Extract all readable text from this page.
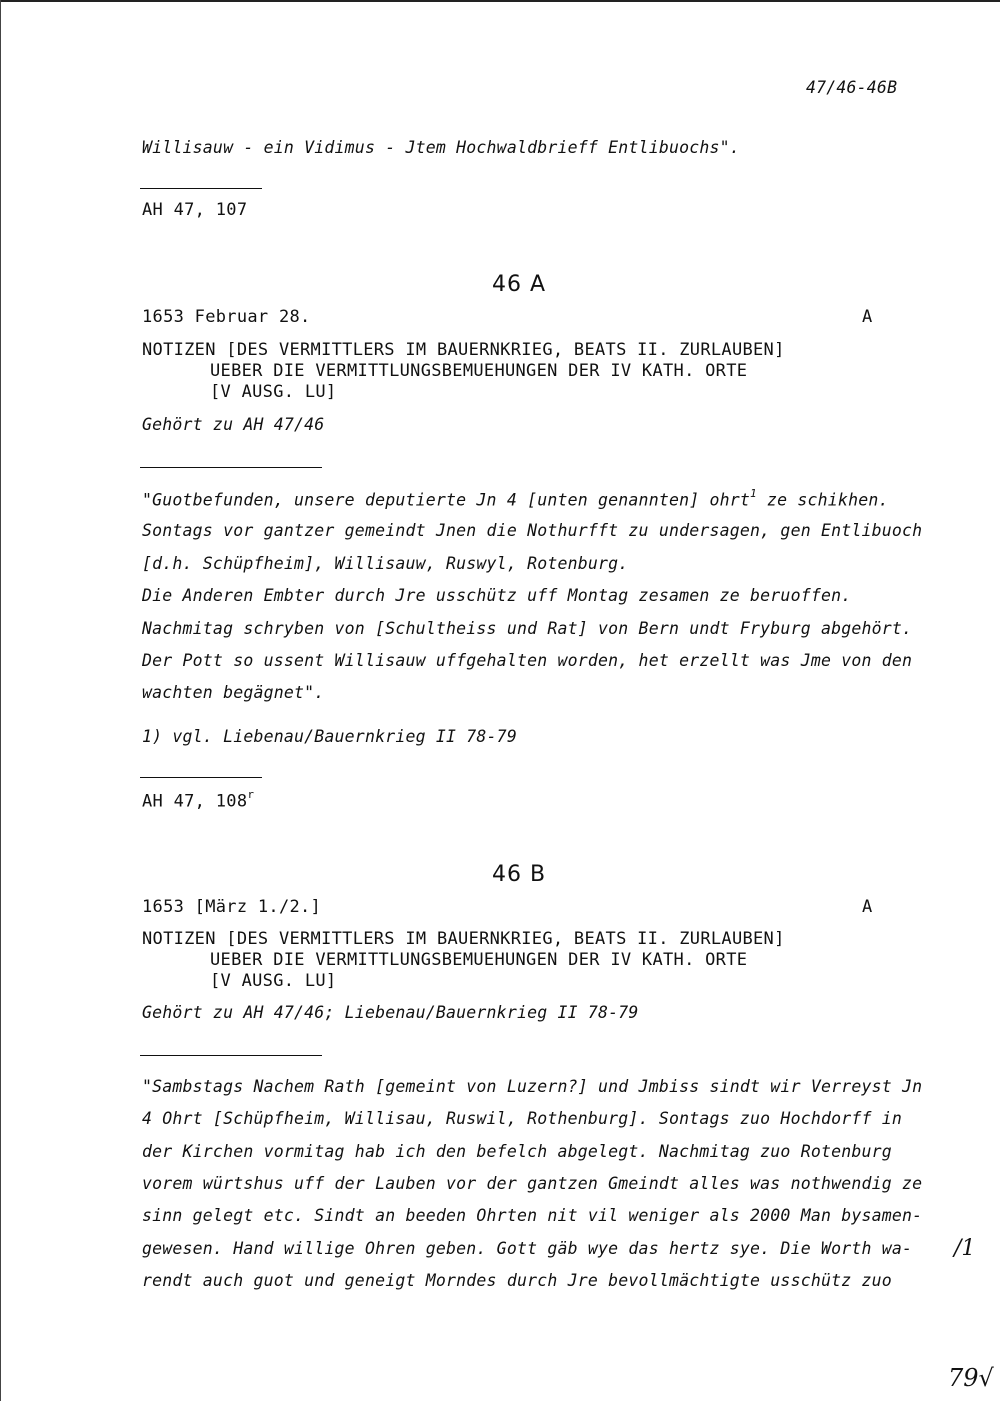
47/46-46B
Willisauw - ein Vidimus - Jtem Hochwaldbrieff Entlibuochs".
AH 47, 107
46 A
1653 Februar 28.	A
NOTIZEN [DES VERMITTLERS IM BAUERNKRIEG, BEATS II. ZURLAUBEN]
UEBER DIE VERMITTLUNGSBEMUEHUNGEN DER IV KATH. ORTE
[V AUSG. LU]
Gehört zu AH 47/46
"Guotbefunden, unsere deputierte Jn 4 [unten genannten] ohrt$^1$ ze schikhen.
Sontags vor gantzer gemeindt Jnen die Nothurfft zu undersagen, gen Entlibuoch
[d.h. Schüpfheim], Willisauw, Ruswyl, Rotenburg.
Die Anderen Embter durch Jre usschütz uff Montag zesamen ze beruoffen.
Nachmitag schryben von [Schultheiss und Rat] von Bern undt Fryburg abgehört.
Der Pott so ussent Willisauw uffgehalten worden, het erzellt was Jme von den
wachten begägnet".
1) vgl. Liebenau/Bauernkrieg II 78-79
AH 47, 108$^r$
46 B
1653 [März 1./2.]	A
NOTIZEN [DES VERMITTLERS IM BAUERNKRIEG, BEATS II. ZURLAUBEN]
UEBER DIE VERMITTLUNGSBEMUEHUNGEN DER IV KATH. ORTE
[V AUSG. LU]
Gehört zu AH 47/46; Liebenau/Bauernkrieg II 78-79
"Sambstags Nachem Rath [gemeint von Luzern?] und Jmbiss sindt wir Verreyst Jn
4 Ohrt [Schüpfheim, Willisau, Ruswil, Rothenburg]. Sontags zuo Hochdorff in
der Kirchen vormitag hab ich den befelch abgelegt. Nachmitag zuo Rotenburg
vorem würtshus uff der Lauben vor der gantzen Gmeindt alles was nothwendig ze
sinn gelegt etc. Sindt an beeden Ohrten nit vil weniger als 2000 Man bysamen-
gewesen. Hand willige Ohren geben. Gott gäb wye das hertz sye. Die Worth wa-
rendt auch guot und geneigt Morndes durch Jre bevollmächtigte usschütz zuo
/1
79√
